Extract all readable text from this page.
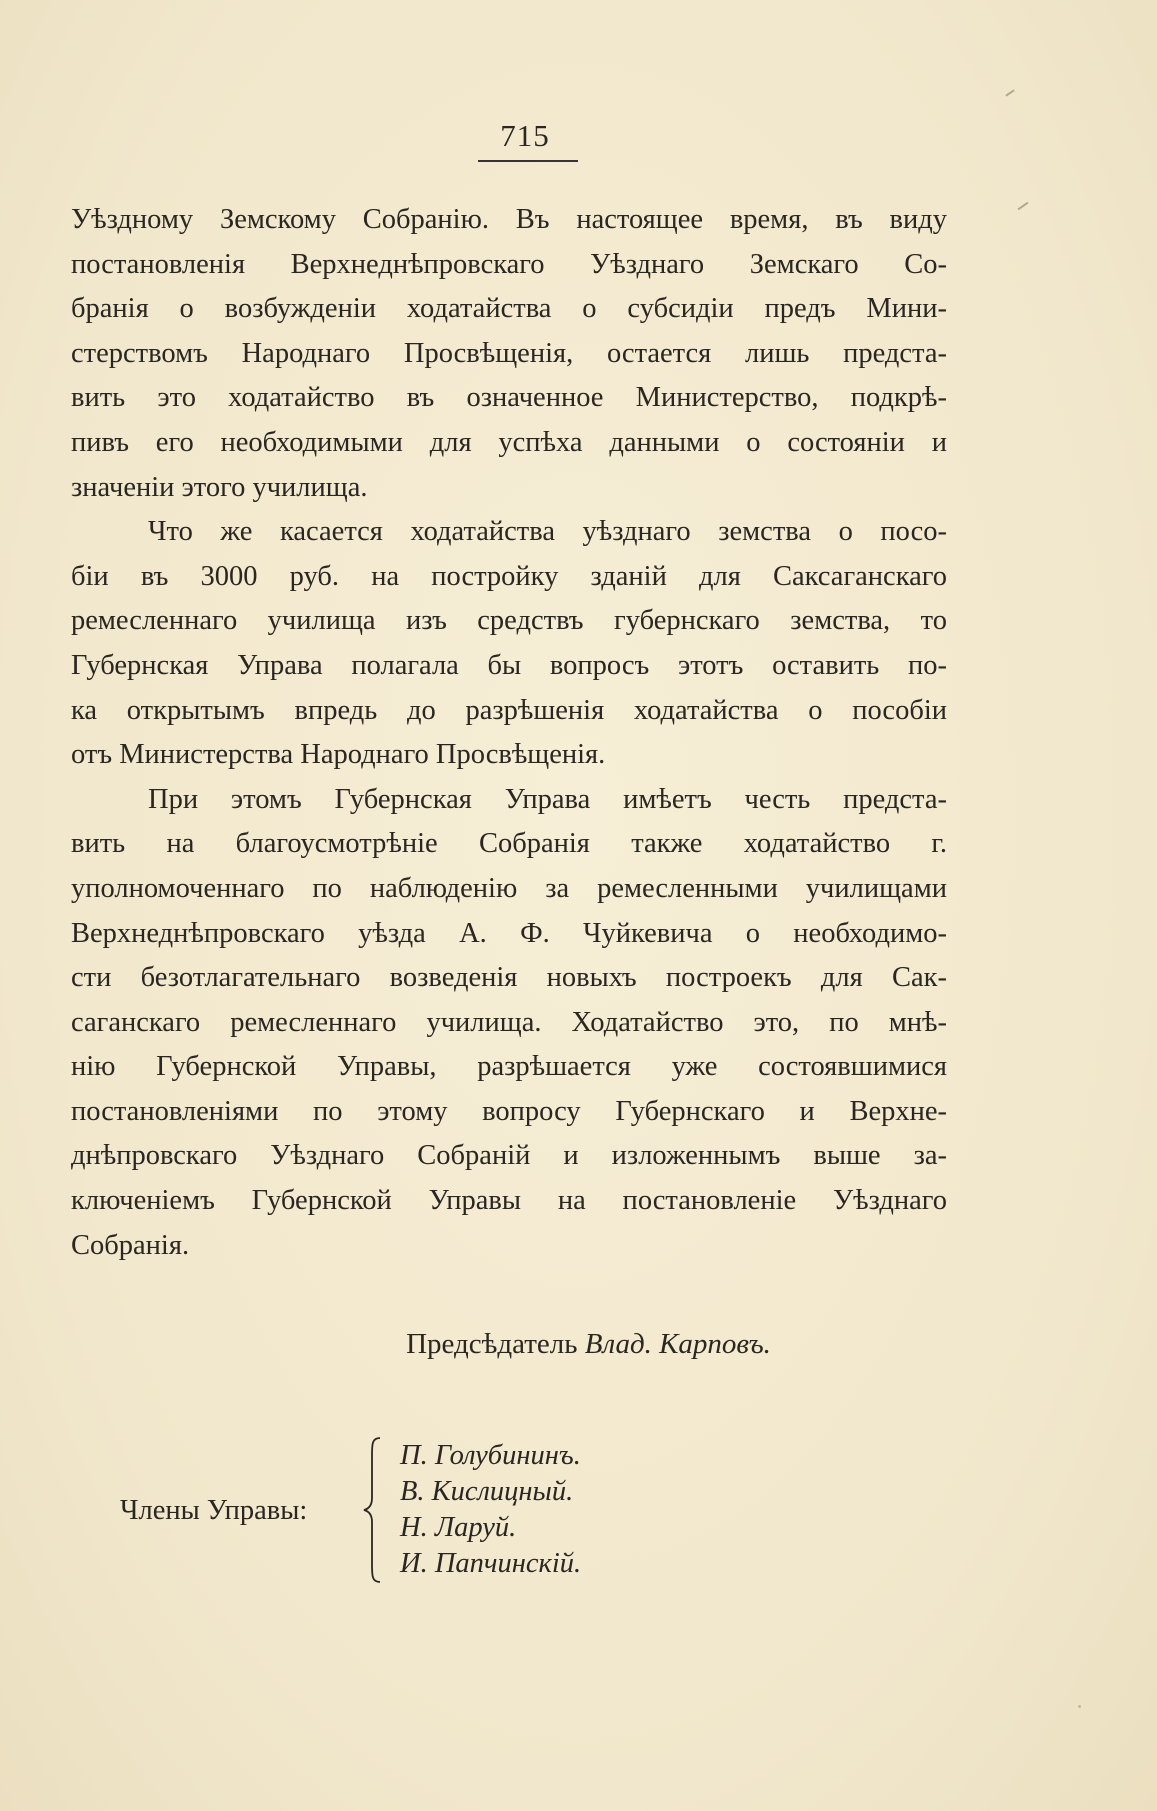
715
Уѣздному Земскому Собранію. Въ настоящее время, въ виду
постановленія Верхнеднѣпровскаго Уѣзднаго Земскаго Со-
бранія о возбужденіи ходатайства о субсидіи предъ Мини-
стерствомъ Народнаго Просвѣщенія, остается лишь предста-
вить это ходатайство въ означенное Министерство, подкрѣ-
пивъ его необходимыми для успѣха данными о состояніи и
значеніи этого училища.
Что же касается ходатайства уѣзднаго земства о посо-
біи въ 3000 руб. на постройку зданій для Саксаганскаго
ремесленнаго училища изъ средствъ губернскаго земства, то
Губернская Управа полагала бы вопросъ этотъ оставить по-
ка открытымъ впредь до разрѣшенія ходатайства о пособіи
отъ Министерства Народнаго Просвѣщенія.
При этомъ Губернская Управа имѣетъ честь предста-
вить на благоусмотрѣніе Собранія также ходатайство г.
уполномоченнаго по наблюденію за ремесленными училищами
Верхнеднѣпровскаго уѣзда А. Ф. Чуйкевича о необходимо-
сти безотлагательнаго возведенія новыхъ построекъ для Сак-
саганскаго ремесленнаго училища. Ходатайство это, по мнѣ-
нію Губернской Управы, разрѣшается уже состоявшимися
постановленіями по этому вопросу Губернскаго и Верхне-
днѣпровскаго Уѣзднаго Собраній и изложеннымъ выше за-
ключеніемъ Губернской Управы на постановленіе Уѣзднаго
Собранія.
Предсѣдатель Влад. Карповъ.
Члены Управы:
П. Голубининъ.
В. Кислицный.
Н. Ларуй.
И. Папчинскій.
